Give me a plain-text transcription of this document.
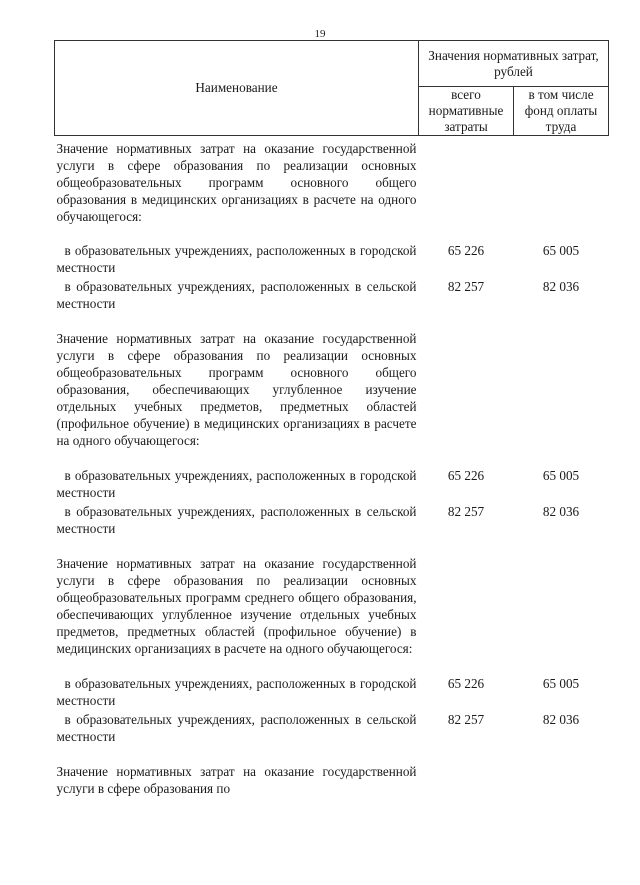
19
Наименование	Значения нормативных затрат, рублей	
	всего нормативные затраты	в том числе фонд оплаты труда

Значение нормативных затрат на оказание государственной услуги в сфере образования по реализации основных общеобразовательных программ основного общего образования в медицинских организациях в расчете на одного обучающегося:		

в образовательных учреждениях, расположенных в городской местности	65 226	65 005

в образовательных учреждениях, расположенных в сельской местности	82 257	82 036

Значение нормативных затрат на оказание государственной услуги в сфере образования по реализации основных общеобразовательных программ основного общего образования, обеспечивающих углубленное изучение отдельных учебных предметов, предметных областей (профильное обучение) в медицинских организациях в расчете на одного обучающегося:		

в образовательных учреждениях, расположенных в городской местности	65 226	65 005

в образовательных учреждениях, расположенных в сельской местности	82 257	82 036

Значение нормативных затрат на оказание государственной услуги в сфере образования по реализации основных общеобразовательных программ среднего общего образования, обеспечивающих углубленное изучение отдельных учебных предметов, предметных областей (профильное обучение) в медицинских организациях в расчете на одного обучающегося:		

в образовательных учреждениях, расположенных в городской местности	65 226	65 005

в образовательных учреждениях, расположенных в сельской местности	82 257	82 036

Значение нормативных затрат на оказание государственной услуги в сфере образования по		
